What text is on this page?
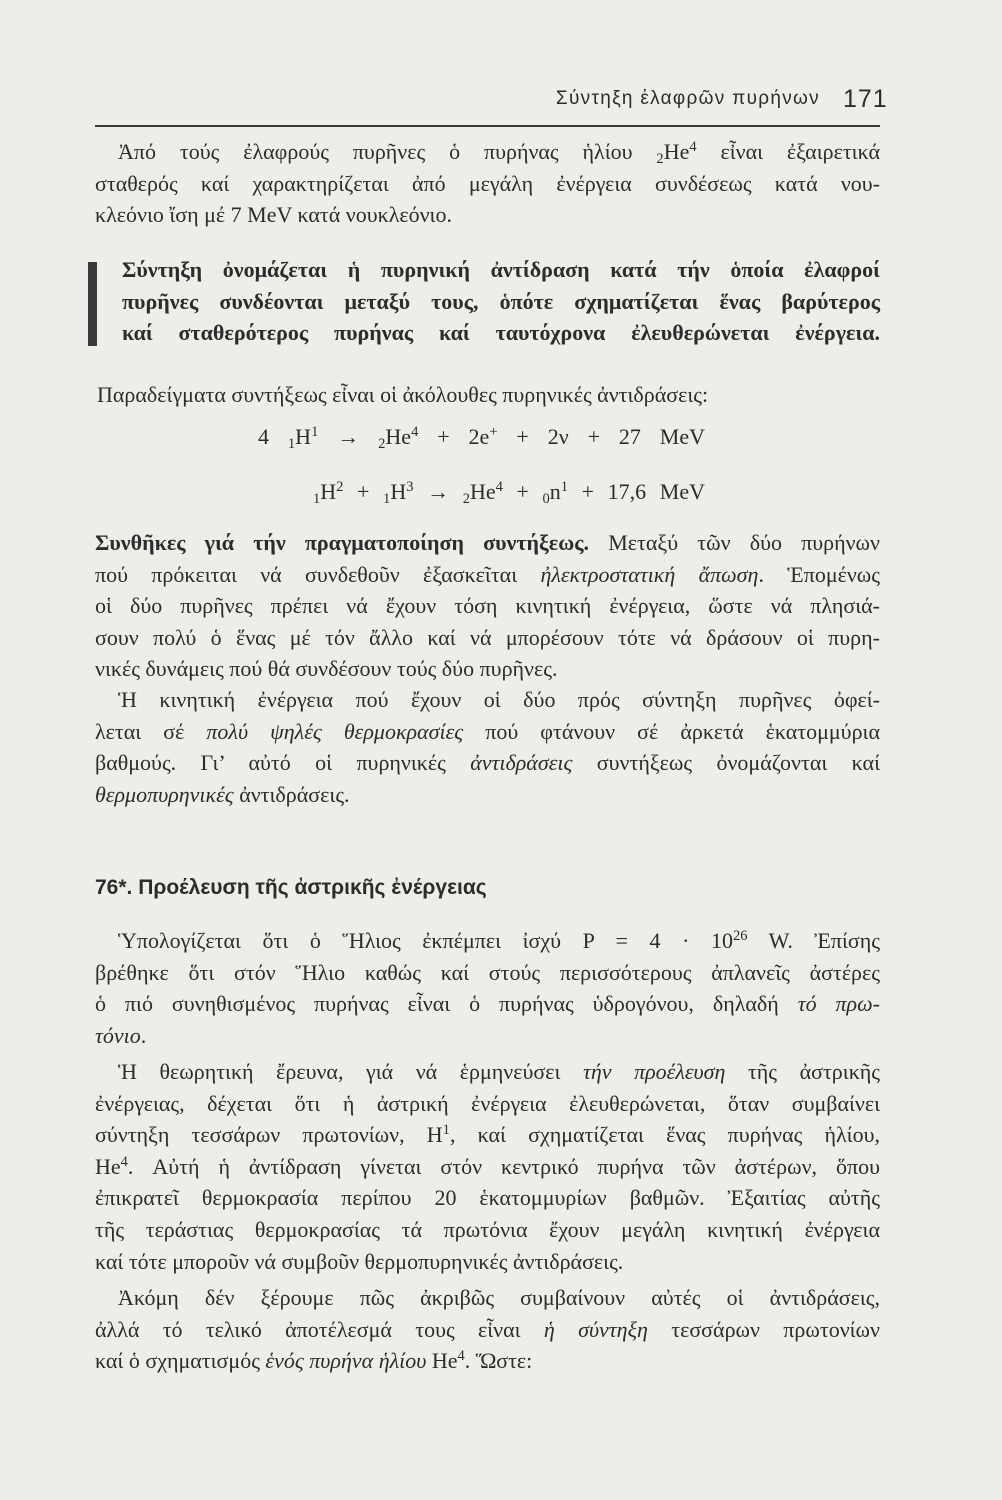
Σύντηξη ἐλαφρῶν πυρήνων 171
Ἀπό τούς ἐλαφρούς πυρῆνες ὁ πυρήνας ἡλίου $_2He^4$ εἶναι ἐξαιρετικά
σταθερός καί χαρακτηρίζεται ἀπό μεγάλη ἐνέργεια συνδέσεως κατά νου-
κλεόνιο ἴση μέ 7 MeV κατά νουκλεόνιο.
Σύντηξη ὀνομάζεται ἡ πυρηνική ἀντίδραση κατά τήν ὁποία ἐλαφροί
πυρῆνες συνδέονται μεταξύ τους, ὁπότε σχηματίζεται ἕνας βαρύτερος
καί σταθερότερος πυρήνας καί ταυτόχρονα ἐλευθερώνεται ἐνέργεια.
Παραδείγματα συντήξεως εἶναι οἱ ἀκόλουθες πυρηνικές ἀντιδράσεις:
4 $_1H^1 \to _2He^4 + 2e^+ + 2\nu + 27$ MeV
$_1H^2 + _1H^3 \to _2He^4 + _0n^1 + 17,6$ MeV
Συνθῆκες γιά τήν πραγματοποίηση συντήξεως. Μεταξύ τῶν δύο πυρήνων
πού πρόκειται νά συνδεθοῦν ἐξασκεῖται ἠλεκτροστατική ἄπωση. Ἑπομένως
οἱ δύο πυρῆνες πρέπει νά ἔχουν τόση κινητική ἐνέργεια, ὥστε νά πλησιά-
σουν πολύ ὁ ἕνας μέ τόν ἄλλο καί νά μπορέσουν τότε νά δράσουν οἱ πυρη-
νικές δυνάμεις πού θά συνδέσουν τούς δύο πυρῆνες.
Ἡ κινητική ἐνέργεια πού ἔχουν οἱ δύο πρός σύντηξη πυρῆνες ὀφεί-
λεται σέ πολύ ψηλές θερμοκρασίες πού φτάνουν σέ ἀρκετά ἑκατομμύρια
βαθμούς. Γι’ αὐτό οἱ πυρηνικές ἀντιδράσεις συντήξεως ὀνομάζονται καί
θερμοπυρηνικές ἀντιδράσεις.
76*. Προέλευση τῆς ἀστρικῆς ἐνέργειας
Ὑπολογίζεται ὅτι ὁ Ἥλιος ἐκπέμπει ἰσχύ $P = 4 \cdot 10^{26}$ W. Ἐπίσης
βρέθηκε ὅτι στόν Ἥλιο καθώς καί στούς περισσότερους ἀπλανεῖς ἀστέρες
ὁ πιό συνηθισμένος πυρήνας εἶναι ὁ πυρήνας ὑδρογόνου, δηλαδή τό πρω-
τόνιο.
Ἡ θεωρητική ἔρευνα, γιά νά ἑρμηνεύσει τήν προέλευση τῆς ἀστρικῆς
ἐνέργειας, δέχεται ὅτι ἡ ἀστρική ἐνέργεια ἐλευθερώνεται, ὅταν συμβαίνει
σύντηξη τεσσάρων πρωτονίων, $H^1$, καί σχηματίζεται ἕνας πυρήνας ἡλίου,
He$^4$. Αὐτή ἡ ἀντίδραση γίνεται στόν κεντρικό πυρήνα τῶν ἀστέρων, ὅπου
ἐπικρατεῖ θερμοκρασία περίπου 20 ἑκατομμυρίων βαθμῶν. Ἐξαιτίας αὐτῆς
τῆς τεράστιας θερμοκρασίας τά πρωτόνια ἔχουν μεγάλη κινητική ἐνέργεια
καί τότε μποροῦν νά συμβοῦν θερμοπυρηνικές ἀντιδράσεις.
Ἀκόμη δέν ξέρουμε πῶς ἀκριβῶς συμβαίνουν αὐτές οἱ ἀντιδράσεις,
ἀλλά τό τελικό ἀποτέλεσμά τους εἶναι ἡ σύντηξη τεσσάρων πρωτονίων
καί ὁ σχηματισμός ἑνός πυρήνα ἡλίου He$^4$. Ὥστε:
